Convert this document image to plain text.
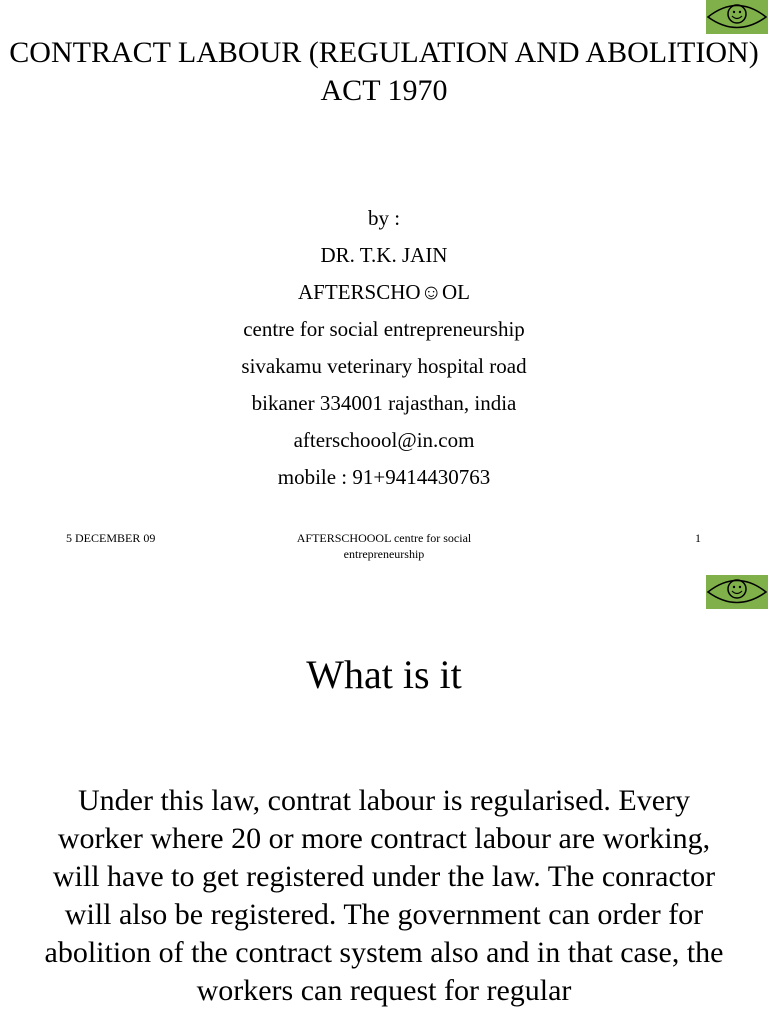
CONTRACT LABOUR (REGULATION AND ABOLITION) ACT 1970
by :
DR. T.K. JAIN
AFTERSCHO☺OL
centre for social entrepreneurship
sivakamu veterinary hospital road
bikaner 334001 rajasthan, india
afterschoool@in.com
mobile : 91+9414430763
5 DECEMBER 09	AFTERSCHOOOL centre for social entrepreneurship
1
What is it
Under this law, contrat labour is regularised. Every worker where 20 or more contract labour are working, will have to get registered under the law. The conractor will also be registered. The government can order for abolition of the contract system also and in that case, the workers can request for regular
